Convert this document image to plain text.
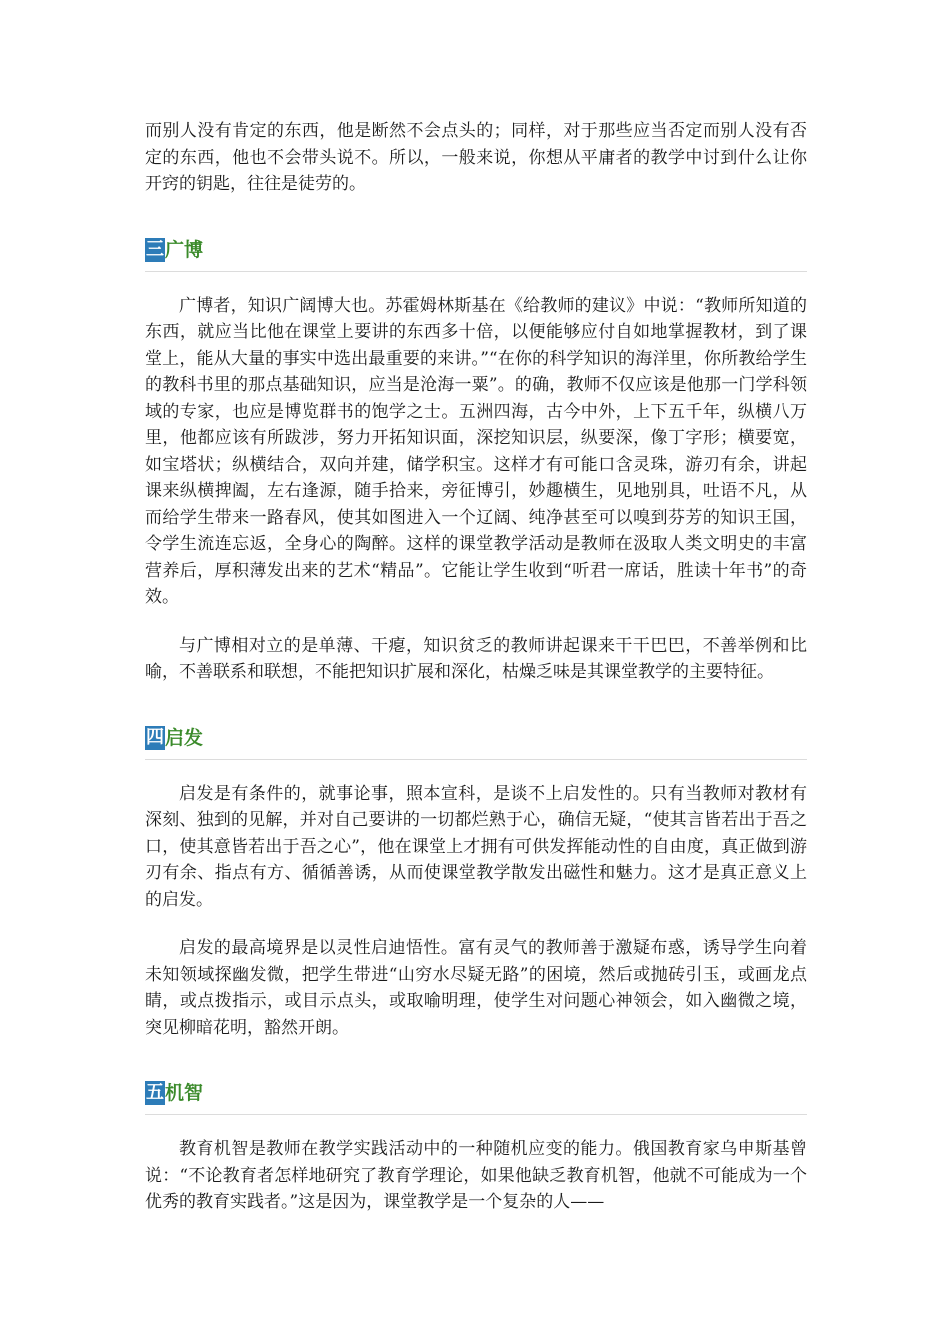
而别人没有肯定的东西，他是断然不会点头的；同样，对于那些应当否定而别人没有否定的东西，他也不会带头说不。所以，一般来说，你想从平庸者的教学中讨到什么让你开窍的钥匙，往往是徒劳的。

三 广博

广博者，知识广阔博大也。苏霍姆林斯基在《给教师的建议》中说：“教师所知道的东西，就应当比他在课堂上要讲的东西多十倍，以便能够应付自如地掌握教材，到了课堂上，能从大量的事实中选出最重要的来讲。”“在你的科学知识的海洋里，你所教给学生的教科书里的那点基础知识，应当是沧海一粟”。的确，教师不仅应该是他那一门学科领域的专家，也应是博览群书的饱学之士。五洲四海，古今中外，上下五千年，纵横八万里，他都应该有所跋涉，努力开拓知识面，深挖知识层，纵要深，像丁字形；横要宽，如宝塔状；纵横结合，双向并建，储学积宝。这样才有可能口含灵珠，游刃有余，讲起课来纵横捭阖，左右逢源，随手拾来，旁征博引，妙趣横生，见地别具，吐语不凡，从而给学生带来一路春风，使其如图进入一个辽阔、纯净甚至可以嗅到芬芳的知识王国，令学生流连忘返，全身心的陶醉。这样的课堂教学活动是教师在汲取人类文明史的丰富营养后，厚积薄发出来的艺术“精品”。它能让学生收到“听君一席话，胜读十年书”的奇效。

与广博相对立的是单薄、干瘪，知识贫乏的教师讲起课来干干巴巴，不善举例和比喻，不善联系和联想，不能把知识扩展和深化，枯燥乏味是其课堂教学的主要特征。

四 启发

启发是有条件的，就事论事，照本宣科，是谈不上启发性的。只有当教师对教材有深刻、独到的见解，并对自己要讲的一切都烂熟于心，确信无疑，“使其言皆若出于吾之口，使其意皆若出于吾之心”，他在课堂上才拥有可供发挥能动性的自由度，真正做到游刃有余、指点有方、循循善诱，从而使课堂教学散发出磁性和魅力。这才是真正意义上的启发。

启发的最高境界是以灵性启迪悟性。富有灵气的教师善于激疑布惑，诱导学生向着未知领域探幽发微，把学生带进“山穷水尽疑无路”的困境，然后或抛砖引玉，或画龙点睛，或点拨指示，或目示点头，或取喻明理，使学生对问题心神领会，如入幽微之境，突见柳暗花明，豁然开朗。

五 机智

教育机智是教师在教学实践活动中的一种随机应变的能力。俄国教育家乌申斯基曾说：“不论教育者怎样地研究了教育学理论，如果他缺乏教育机智，他就不可能成为一个优秀的教育实践者。”这是因为，课堂教学是一个复杂的人——
